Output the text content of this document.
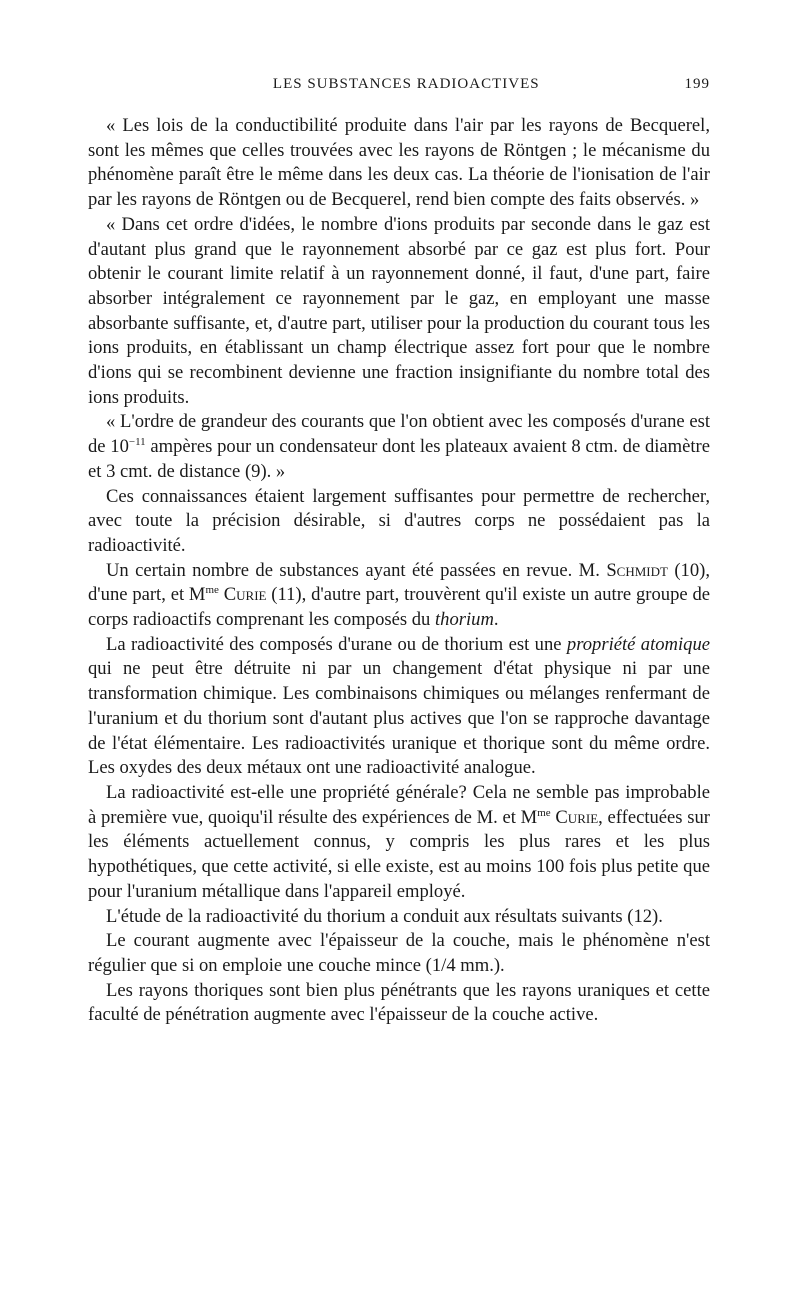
LES SUBSTANCES RADIOACTIVES	199

« Les lois de la conductibilité produite dans l'air par les rayons de Becquerel, sont les mêmes que celles trouvées avec les rayons de Röntgen ; le mécanisme du phénomène paraît être le même dans les deux cas. La théorie de l'ionisation de l'air par les rayons de Röntgen ou de Becquerel, rend bien compte des faits observés. »

« Dans cet ordre d'idées, le nombre d'ions produits par seconde dans le gaz est d'autant plus grand que le rayonnement absorbé par ce gaz est plus fort. Pour obtenir le courant limite relatif à un rayonnement donné, il faut, d'une part, faire absorber intégralement ce rayonnement par le gaz, en employant une masse absorbante suffisante, et, d'autre part, utiliser pour la production du courant tous les ions produits, en établissant un champ électrique assez fort pour que le nombre d'ions qui se recombinent devienne une fraction insignifiante du nombre total des ions produits.

« L'ordre de grandeur des courants que l'on obtient avec les composés d'urane est de $10^{-11}$ ampères pour un condensateur dont les plateaux avaient 8 ctm. de diamètre et 3 cmt. de distance (9). »

Ces connaissances étaient largement suffisantes pour permettre de rechercher, avec toute la précision désirable, si d'autres corps ne possédaient pas la radioactivité.

Un certain nombre de substances ayant été passées en revue. M. Schmidt (10), d'une part, et $M^{me}$ Curie (11), d'autre part, trouvèrent qu'il existe un autre groupe de corps radioactifs comprenant les composés du thorium.

La radioactivité des composés d'urane ou de thorium est une propriété atomique qui ne peut être détruite ni par un changement d'état physique ni par une transformation chimique. Les combinaisons chimiques ou mélanges renfermant de l'uranium et du thorium sont d'autant plus actives que l'on se rapproche davantage de l'état élémentaire. Les radioactivités uranique et thorique sont du même ordre. Les oxydes des deux métaux ont une radioactivité analogue.

La radioactivité est-elle une propriété générale? Cela ne semble pas improbable à première vue, quoiqu'il résulte des expériences de M. et $M^{me}$ Curie, effectuées sur les éléments actuellement connus, y compris les plus rares et les plus hypothétiques, que cette activité, si elle existe, est au moins 100 fois plus petite que pour l'uranium métallique dans l'appareil employé.

L'étude de la radioactivité du thorium a conduit aux résultats suivants (12).

Le courant augmente avec l'épaisseur de la couche, mais le phénomène n'est régulier que si on emploie une couche mince (1/4 mm.).

Les rayons thoriques sont bien plus pénétrants que les rayons uraniques et cette faculté de pénétration augmente avec l'épaisseur de la couche active.
